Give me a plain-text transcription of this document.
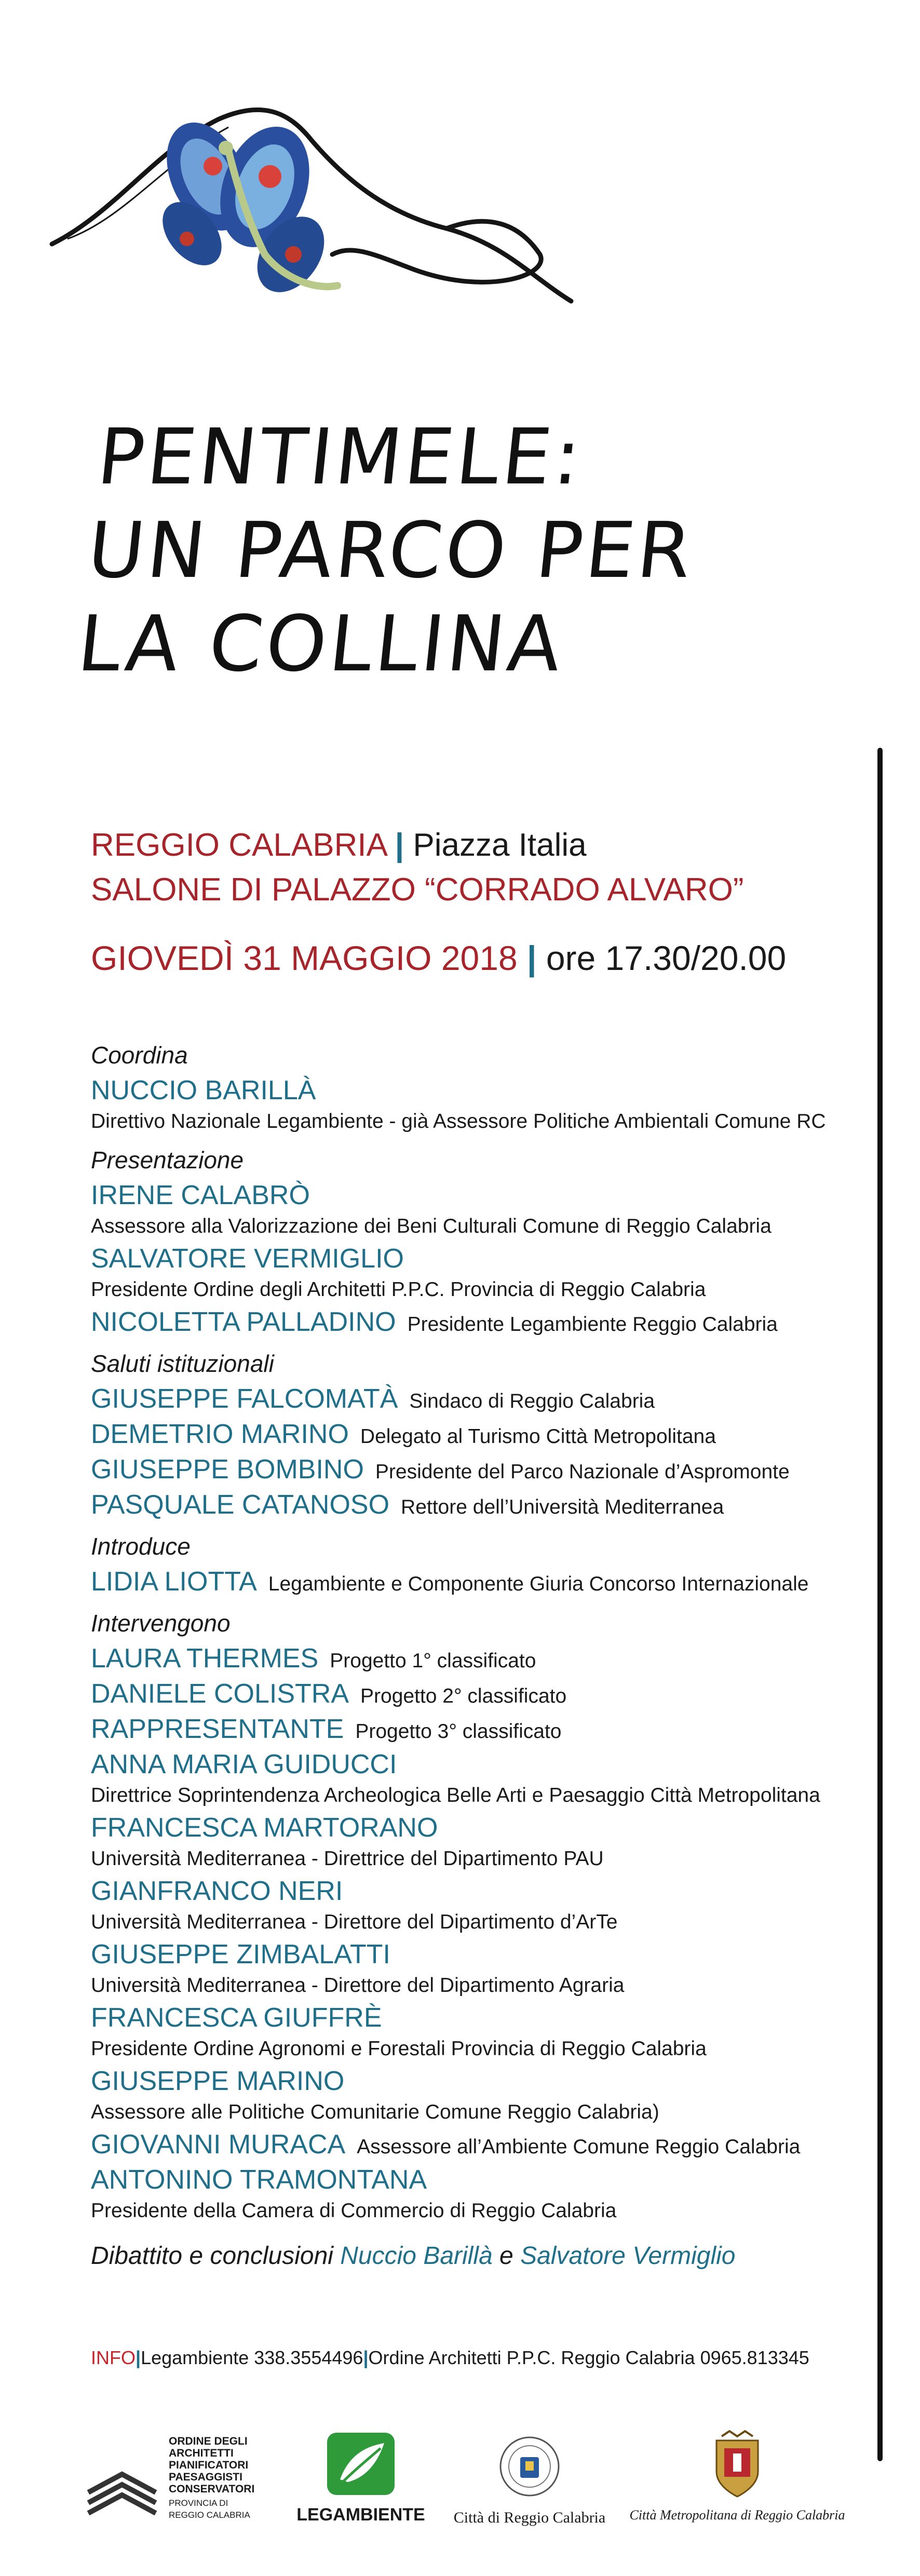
PENTIMELE:
UN PARCO PER
LA COLLINA
REGGIO CALABRIA | Piazza Italia
SALONE DI PALAZZO “CORRADO ALVARO”
GIOVEDÌ 31 MAGGIO 2018 | ore 17.30/20.00
Coordina
NUCCIO BARILLÀ
Direttivo Nazionale Legambiente - già Assessore Politiche Ambientali Comune RC
Presentazione
IRENE CALABRÒ
Assessore alla Valorizzazione dei Beni Culturali Comune di Reggio Calabria
SALVATORE VERMIGLIO
Presidente Ordine degli Architetti P.P.C. Provincia di Reggio Calabria
NICOLETTA PALLADINO Presidente Legambiente Reggio Calabria
Saluti istituzionali
GIUSEPPE FALCOMATÀ Sindaco di Reggio Calabria
DEMETRIO MARINO Delegato al Turismo Città Metropolitana
GIUSEPPE BOMBINO Presidente del Parco Nazionale d’Aspromonte
PASQUALE CATANOSO Rettore dell’Università Mediterranea
Introduce
LIDIA LIOTTA Legambiente e Componente Giuria Concorso Internazionale
Intervengono
LAURA THERMES Progetto 1° classificato
DANIELE COLISTRA Progetto 2° classificato
RAPPRESENTANTE Progetto 3° classificato
ANNA MARIA GUIDUCCI
Direttrice Soprintendenza Archeologica Belle Arti e Paesaggio Città Metropolitana
FRANCESCA MARTORANO
Università Mediterranea - Direttrice del Dipartimento PAU
GIANFRANCO NERI
Università Mediterranea - Direttore del Dipartimento d’ArTe
GIUSEPPE ZIMBALATTI
Università Mediterranea - Direttore del Dipartimento Agraria
FRANCESCA GIUFFRÈ
Presidente Ordine Agronomi e Forestali Provincia di Reggio Calabria
GIUSEPPE MARINO
Assessore alle Politiche Comunitarie Comune Reggio Calabria)
GIOVANNI MURACA Assessore all’Ambiente Comune Reggio Calabria
ANTONINO TRAMONTANA
Presidente della Camera di Commercio di Reggio Calabria
Dibattito e conclusioni Nuccio Barillà e Salvatore Vermiglio
INFO|Legambiente 338.3554496|Ordine Architetti P.P.C. Reggio Calabria 0965.813345
ORDINE DEGLI
ARCHITETTI
PIANIFICATORI
PAESAGGISTI
CONSERVATORI
PROVINCIA DI
REGGIO CALABRIA	LEGAMBIENTE	Città di Reggio Calabria	Città Metropolitana di Reggio Calabria
